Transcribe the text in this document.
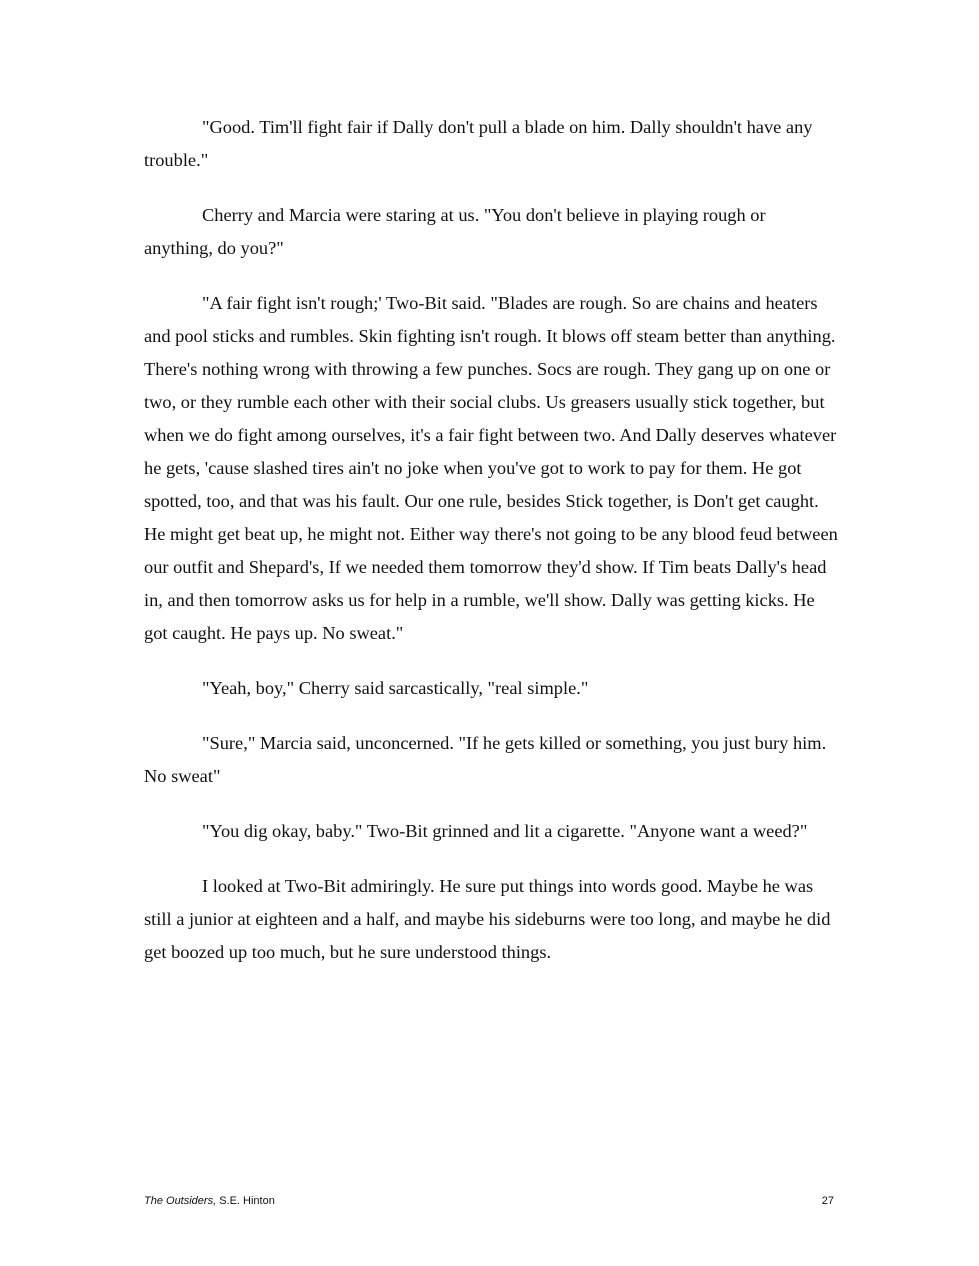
"Good. Tim'll fight fair if Dally don't pull a blade on him. Dally shouldn't have any trouble."

Cherry and Marcia were staring at us. "You don't believe in playing rough or anything, do you?"

"A fair fight isn't rough;' Two-Bit said. "Blades are rough. So are chains and heaters and pool sticks and rumbles. Skin fighting isn't rough. It blows off steam better than anything. There's nothing wrong with throwing a few punches. Socs are rough. They gang up on one or two, or they rumble each other with their social clubs. Us greasers usually stick together, but when we do fight among ourselves, it's a fair fight between two. And Dally deserves whatever he gets, 'cause slashed tires ain't no joke when you've got to work to pay for them. He got spotted, too, and that was his fault. Our one rule, besides Stick together, is Don't get caught. He might get beat up, he might not. Either way there's not going to be any blood feud between our outfit and Shepard's, If we needed them tomorrow they'd show. If Tim beats Dally's head in, and then tomorrow asks us for help in a rumble, we'll show. Dally was getting kicks. He got caught. He pays up. No sweat."

"Yeah, boy," Cherry said sarcastically, "real simple."

"Sure," Marcia said, unconcerned. "If he gets killed or something, you just bury him. No sweat"

"You dig okay, baby." Two-Bit grinned and lit a cigarette. "Anyone want a weed?"

I looked at Two-Bit admiringly. He sure put things into words good. Maybe he was still a junior at eighteen and a half, and maybe his sideburns were too long, and maybe he did get boozed up too much, but he sure understood things.

The Outsiders, S.E. Hinton	27
